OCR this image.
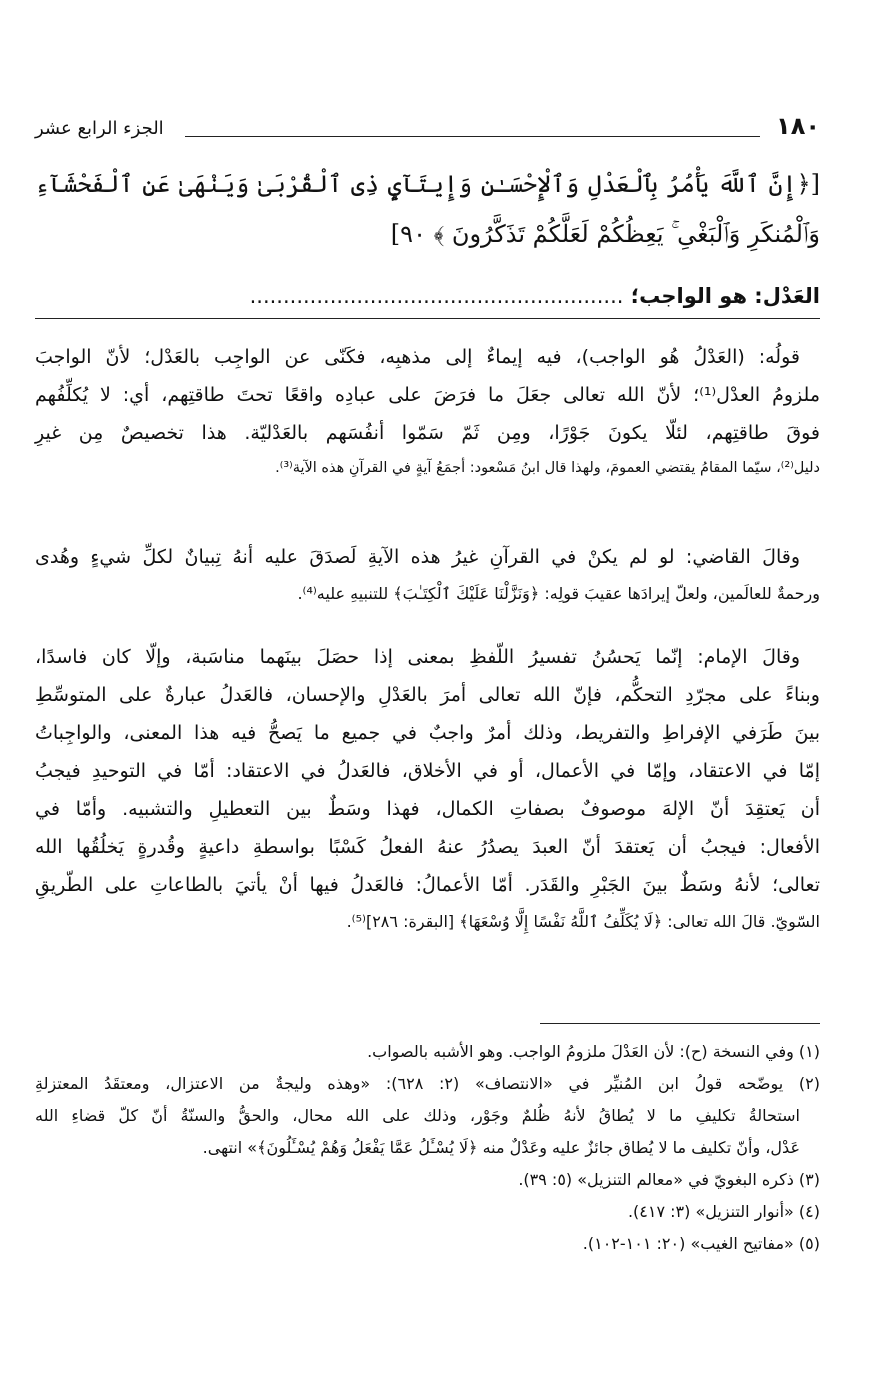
١٨٠
الجزء الرابع عشر
[﴿إِنَّ ٱللَّهَ يَأْمُرُ بِٱلْعَدْلِ وَٱلْإِحْسَـٰنِ وَإِيتَآيِٕ ذِى ٱلْقُرْبَىٰ وَيَنْهَىٰ عَنِ ٱلْفَحْشَآءِ
وَٱلْمُنكَرِ وَٱلْبَغْىِ ۚ يَعِظُكُمْ لَعَلَّكُمْ تَذَكَّرُونَ ﴾ ٩٠]
العَدْل: هو الواجب؛ ........................................................
قولُه: (العَدْلُ هُو الواجب)، فيه إيماءٌ إلى مذهبِه، فكَنّى عن الواجِب بالعَدْل؛ لأنّ الواجبَ
ملزومُ العدْل⁽¹⁾؛ لأنّ الله تعالى جعَلَ ما فرَضَ على عبادِه واقعًا تحتَ طاقتِهم، أي: لا يُكلِّفُهم
فوقَ طاقتِهم، لئلّا يكونَ جَوْرًا، ومِن ثَمّ سَمّوا أنفُسَهم بالعَدْليّة. هذا تخصيصٌ مِن غيرِ
دليل⁽²⁾، سيّما المقامُ يقتضي العمومَ، ولهذا قال ابنُ مَسْعود: أجمَعُ آيةٍ في القرآنِ هذه الآية⁽³⁾.
وقالَ القاضي: لو لم يكنْ في القرآنِ غيرُ هذه الآيةِ لَصدَقَ عليه أنهُ تِبيانٌ لكلِّ شيءٍ وهُدى
ورحمةٌ للعالَمين، ولعلّ إيرادَها عقيبَ قولِه: ﴿وَنَزَّلْنَا عَلَيْكَ ٱلْكِتَـٰبَ﴾ للتنبيهِ عليه⁽⁴⁾.
وقالَ الإمام: إنّما يَحسُنُ تفسيرُ اللّفظِ بمعنى إذا حصَلَ بينَهما مناسَبة، وإلّا كان فاسدًا،
وبناءً على مجرّدِ التحكُّم، فإنّ الله تعالى أمرَ بالعَدْلِ والإحسان، فالعَدلُ عبارةٌ على المتوسِّطِ
بينَ طَرَفي الإفراطِ والتفريط، وذلك أمرٌ واجبٌ في جميع ما يَصحُّ فيه هذا المعنى، والواجِباتُ
إمّا في الاعتقاد، وإمّا في الأعمال، أو في الأخلاق، فالعَدلُ في الاعتقاد: أمّا في التوحيدِ فيجبُ
أن يَعتقِدَ أنّ الإلهَ موصوفٌ بصفاتِ الكمال، فهذا وسَطٌ بين التعطيلِ والتشبيه. وأمّا في
الأفعال: فيجبُ أن يَعتقدَ أنّ العبدَ يصدُرُ عنهُ الفعلُ كَسْبًا بواسطةِ داعيةٍ وقُدرةٍ يَخلُقُها الله
تعالى؛ لأنهُ وسَطٌ بينَ الجَبْرِ والقَدَر. أمّا الأعمالُ: فالعَدلُ فيها أنْ يأتيَ بالطاعاتِ على الطّريقِ
السّويّ. قالَ الله تعالى: ﴿لَا يُكَلِّفُ ٱللَّهُ نَفْسًا إِلَّا وُسْعَهَا﴾ [البقرة: ٢٨٦]⁽⁵⁾.
(١) وفي النسخة (ح): لأن العَدْلَ ملزومُ الواجب. وهو الأشبه بالصواب.
(٢) يوضّحه قولُ ابن المُنيِّر في «الانتصاف» (٢: ٦٢٨): «وهذه وليجةٌ من الاعتزال، ومعتقَدُ المعتزلةِ
استحالةُ تكليفِ ما لا يُطاقُ لأنهُ ظُلمٌ وجَوْر، وذلك على الله محال، والحقُّ والسنّةُ أنّ كلّ قضاءِ الله
عَدْل، وأنّ تكليف ما لا يُطاق جائزٌ عليه وعَدْلٌ منه ﴿لَا يُسْـَٔلُ عَمَّا يَفْعَلُ وَهُمْ يُسْـَٔلُونَ﴾» انتهى.
(٣) ذكره البغويّ في «معالم التنزيل» (٥: ٣٩).
(٤) «أنوار التنزيل» (٣: ٤١٧).
(٥) «مفاتيح الغيب» (٢٠: ١٠١-١٠٢).
